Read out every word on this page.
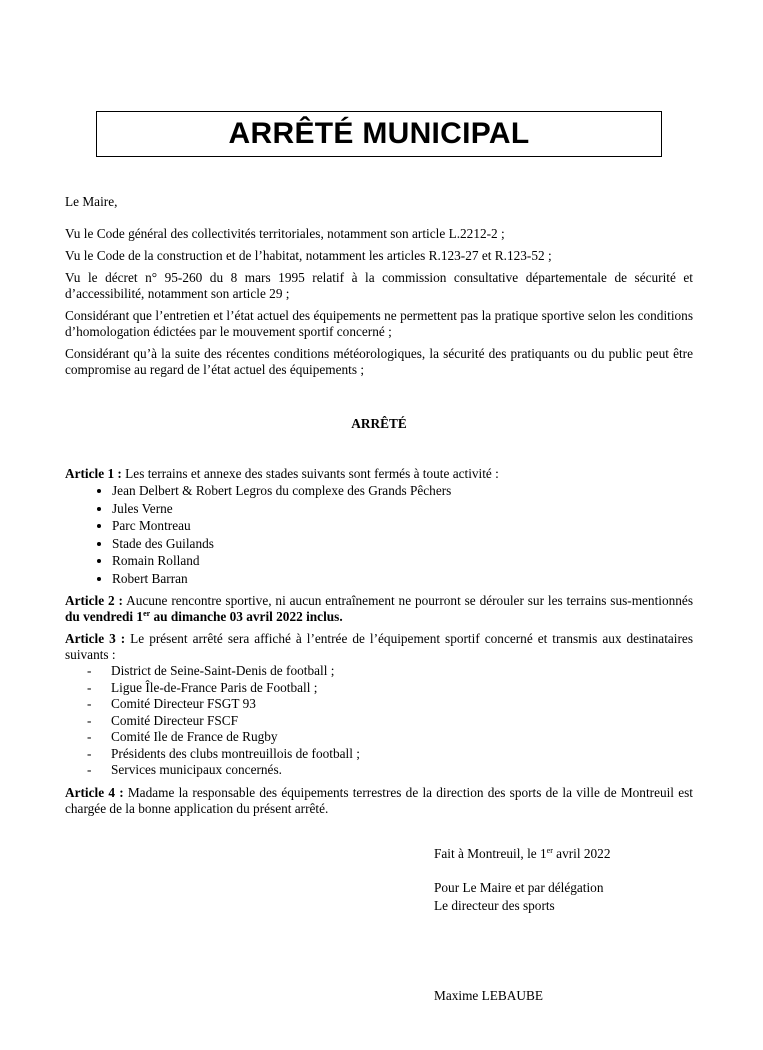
ARRÊTÉ MUNICIPAL

Le Maire,

Vu le Code général des collectivités territoriales, notamment son article L.2212-2 ;

Vu le Code de la construction et de l’habitat, notamment les articles R.123-27 et R.123-52 ;

Vu le décret n° 95-260 du 8 mars 1995 relatif à la commission consultative départementale de sécurité et d’accessibilité, notamment son article 29 ;

Considérant que l’entretien et l’état actuel des équipements ne permettent pas la pratique sportive selon les conditions d’homologation édictées par le mouvement sportif concerné ;

Considérant qu’à la suite des récentes conditions météorologiques, la sécurité des pratiquants ou du public peut être compromise au regard de l’état actuel des équipements ;

ARRÊTÉ

Article 1 : Les terrains et annexe des stades suivants sont fermés à toute activité :

• Jean Delbert & Robert Legros du complexe des Grands Pêchers
• Jules Verne
• Parc Montreau
• Stade des Guilands
• Romain Rolland
• Robert Barran

Article 2 : Aucune rencontre sportive, ni aucun entraînement ne pourront se dérouler sur les terrains sus-mentionnés du vendredi 1er au dimanche 03 avril 2022 inclus.

Article 3 : Le présent arrêté sera affiché à l’entrée de l’équipement sportif concerné et transmis aux destinataires suivants :

- District de Seine-Saint-Denis de football ;
- Ligue Île-de-France Paris de Football ;
- Comité Directeur FSGT 93
- Comité Directeur FSCF
- Comité Ile de France de Rugby
- Présidents des clubs montreuillois de football ;
- Services municipaux concernés.

Article 4 : Madame la responsable des équipements terrestres de la direction des sports de la ville de Montreuil est chargée de la bonne application du présent arrêté.

Fait à Montreuil, le 1er avril 2022
Pour Le Maire et par délégation
Le directeur des sports
Maxime LEBAUBE
